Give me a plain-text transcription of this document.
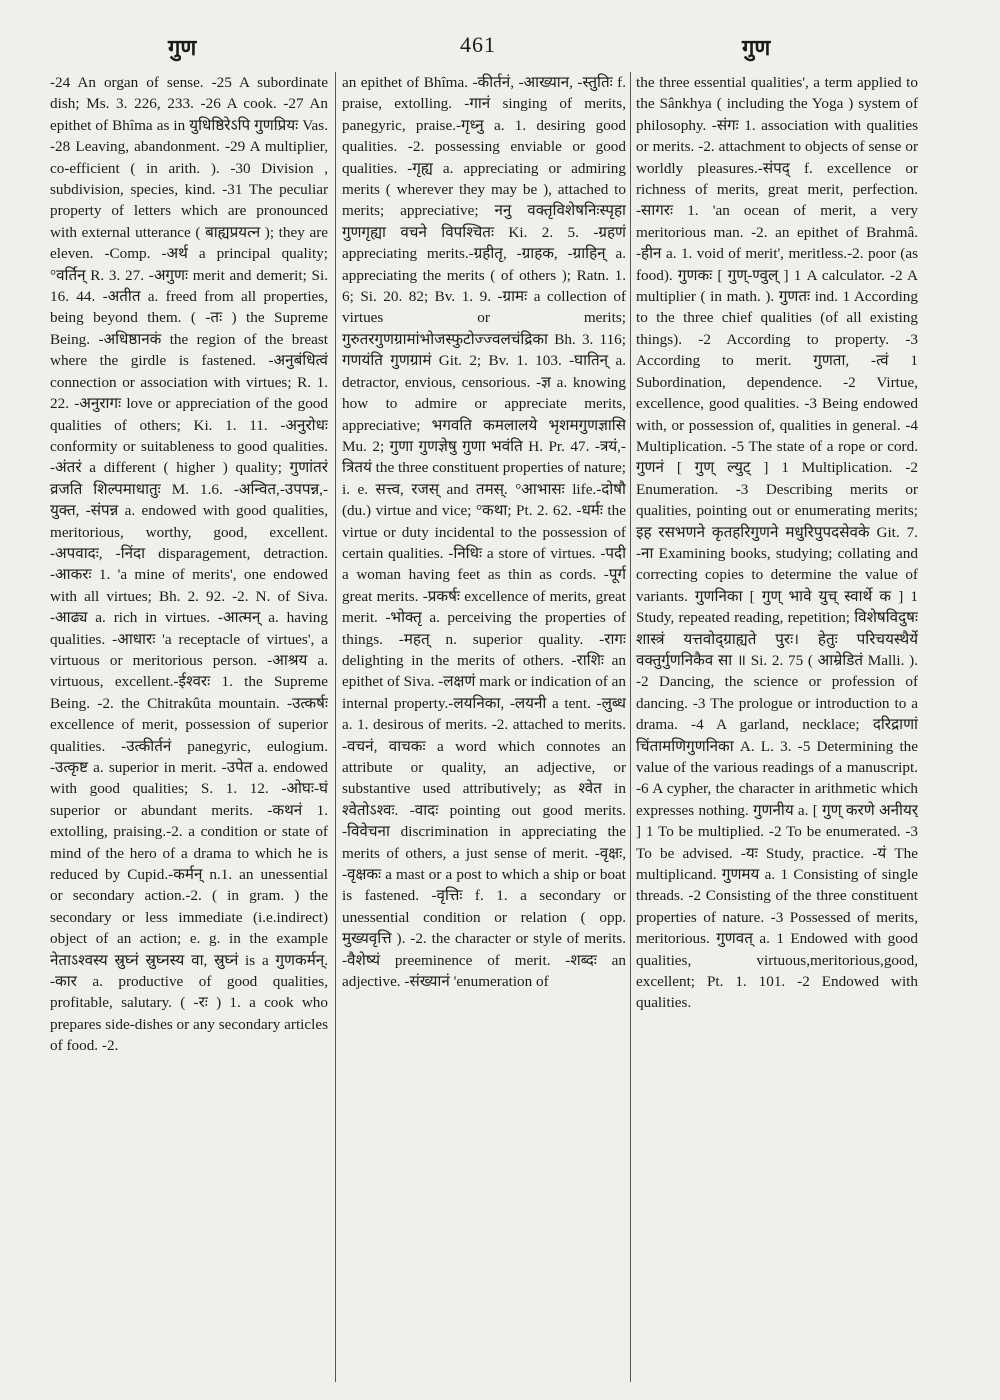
गुण	461	गुण

-24 An organ of sense. -25 A subordinate dish; Ms. 3. 226, 233. -26 A cook. -27 An epithet of Bhîma as in युधिष्ठिरेऽपि गुणप्रियः Vas. -28 Leaving, abandonment. -29 A multiplier, co-efficient ( in arith. ). -30 Division , subdivision, species, kind. -31 The peculiar property of letters which are pronounced with external utterance ( बाह्यप्रयत्न ); they are eleven. -Comp. -अर्थ a principal quality; °वर्तिन् R. 3. 27. -अगुणः merit and demerit; Si. 16. 44. -अतीत a. freed from all properties, being beyond them. ( -तः ) the Supreme Being. -अधिष्ठानकं the region of the breast where the girdle is fastened. -अनुबंधित्वं connection or association with virtues; R. 1. 22. -अनुरागः love or appreciation of the good qualities of others; Ki. 1. 11. -अनुरोधः conformity or suitableness to good qualities. -अंतरं a different ( higher ) quality; गुणांतरं व्रजति शिल्पमाधातुः M. 1.6. -अन्वित,-उपपन्न,-युक्त, -संपन्न a. endowed with good qualities, meritorious, worthy, good, excellent. -अपवादः, -निंदा disparagement, detraction. -आकरः 1. 'a mine of merits', one endowed with all virtues; Bh. 2. 92. -2. N. of Siva. -आढ्य a. rich in virtues. -आत्मन् a. having qualities. -आधारः 'a receptacle of virtues', a virtuous or meritorious person. -आश्रय a. virtuous, excellent.-ईश्वरः 1. the Supreme Being. -2. the Chitrakûta mountain. -उत्कर्षः excellence of merit, possession of superior qualities. -उत्कीर्तनं panegyric, eulogium. -उत्कृष्ट a. superior in merit. -उपेत a. endowed with good qualities; S. 1. 12. -ओघः-घं superior or abundant merits. -कथनं 1. extolling, praising.-2. a condition or state of mind of the hero of a drama to which he is reduced by Cupid.-कर्मन् n.1. an unessential or secondary action.-2. ( in gram. ) the secondary or less immediate (i.e.indirect) object of an action; e. g. in the example नेताऽश्वस्य स्रुघ्नं स्रुघ्नस्य वा, स्रुघ्नं is a गुणकर्मन्. -कार a. productive of good qualities, profitable, salutary. ( -रः ) 1. a cook who prepares side-dishes or any secondary articles of food. -2.

an epithet of Bhîma. -कीर्तनं, -आख्यान, -स्तुतिः f. praise, extolling. -गानं singing of merits, panegyric, praise.-गृध्नु a. 1. desiring good qualities. -2. possessing enviable or good qualities. -गृह्य a. appreciating or admiring merits ( wherever they may be ), attached to merits; appreciative; ननु वक्तृविशेषनिःस्पृहा गुणगृह्या वचने विपश्चितः Ki. 2. 5. -ग्रहणं appreciating merits.-ग्रहीतृ, -ग्राहक, -ग्राहिन् a. appreciating the merits ( of others ); Ratn. 1. 6; Si. 20. 82; Bv. 1. 9. -ग्रामः a collection of virtues or merits; गुरुतरगुणग्रामांभोजस्फुटोज्ज्वलचंद्रिका Bh. 3. 116; गणयंति गुणग्रामं Git. 2; Bv. 1. 103. -घातिन् a. detractor, envious, censorious. -ज्ञ a. knowing how to admire or appreciate merits, appreciative; भगवति कमलालये भृशमगुणज्ञासि Mu. 2; गुणा गुणज्ञेषु गुणा भवंति H. Pr. 47. -त्रयं,-त्रितयं the three constituent properties of nature; i. e. सत्त्व, रजस् and तमस्. °आभासः life.-दोषौ (du.) virtue and vice; °कथा; Pt. 2. 62. -धर्मः the virtue or duty incidental to the possession of certain qualities. -निधिः a store of virtues. -पदी a woman having feet as thin as cords. -पूर्ग great merits. -प्रकर्षः excellence of merits, great merit. -भोक्तृ a. perceiving the properties of things. -महत् n. superior quality. -रागः delighting in the merits of others. -राशिः an epithet of Siva. -लक्षणं mark or indication of an internal property.-लयनिका, -लयनी a tent. -लुब्ध a. 1. desirous of merits. -2. attached to merits. -वचनं, वाचकः a word which connotes an attribute or quality, an adjective, or substantive used attributively; as श्वेत in श्वेतोऽश्वः. -वादः pointing out good merits. -विवेचना discrimination in appreciating the merits of others, a just sense of merit. -वृक्षः, -वृक्षकः a mast or a post to which a ship or boat is fastened. -वृत्तिः f. 1. a secondary or unessential condition or relation ( opp. मुख्यवृत्ति ). -2. the character or style of merits. -वैशेष्यं preeminence of merit. -शब्दः an adjective. -संख्यानं 'enumeration of

the three essential qualities', a term applied to the Sânkhya ( including the Yoga ) system of philosophy. -संगः 1. association with qualities or merits. -2. attachment to objects of sense or worldly pleasures.-संपद् f. excellence or richness of merits, great merit, perfection. -सागरः 1. 'an ocean of merit, a very meritorious man. -2. an epithet of Brahmâ. -हीन a. 1. void of merit', meritless.-2. poor (as food). गुणकः [ गुण्-ण्वुल् ] 1 A calculator. -2 A multiplier ( in math. ). गुणतः ind. 1 According to the three chief qualities (of all existing things). -2 According to property. -3 According to merit. गुणता, -त्वं 1 Subordination, dependence. -2 Virtue, excellence, good qualities. -3 Being endowed with, or possession of, qualities in general. -4 Multiplication. -5 The state of a rope or cord. गुणनं [ गुण् ल्युट् ] 1 Multiplication. -2 Enumeration. -3 Describing merits or qualities, pointing out or enumerating merits; इह रसभणने कृतहरिगुणने मधुरिपुपदसेवके Git. 7. -ना Examining books, studying; collating and correcting copies to determine the value of variants. गुणनिका [ गुण् भावे युच् स्वार्थे क ] 1 Study, repeated reading, repetition; विशेषविदुषः शास्त्रं यत्तवोद्ग्राह्यते पुरः। हेतुः परिचयस्थैर्ये वक्तुर्गुणनिकैव सा ॥ Si. 2. 75 ( आम्रेडितं Malli. ). -2 Dancing, the science or profession of dancing. -3 The prologue or introduction to a drama. -4 A garland, necklace; दरिद्राणां चिंतामणिगुणनिका A. L. 3. -5 Determining the value of the various readings of a manuscript. -6 A cypher, the character in arithmetic which expresses nothing. गुणनीय a. [ गुण् करणे अनीयर् ] 1 To be multiplied. -2 To be enumerated. -3 To be advised. -यः Study, practice. -यं The multiplicand. गुणमय a. 1 Consisting of single threads. -2 Consisting of the three constituent properties of nature. -3 Possessed of merits, meritorious. गुणवत् a. 1 Endowed with good qualities, virtuous,meritorious,good, excellent; Pt. 1. 101. -2 Endowed with qualities.
